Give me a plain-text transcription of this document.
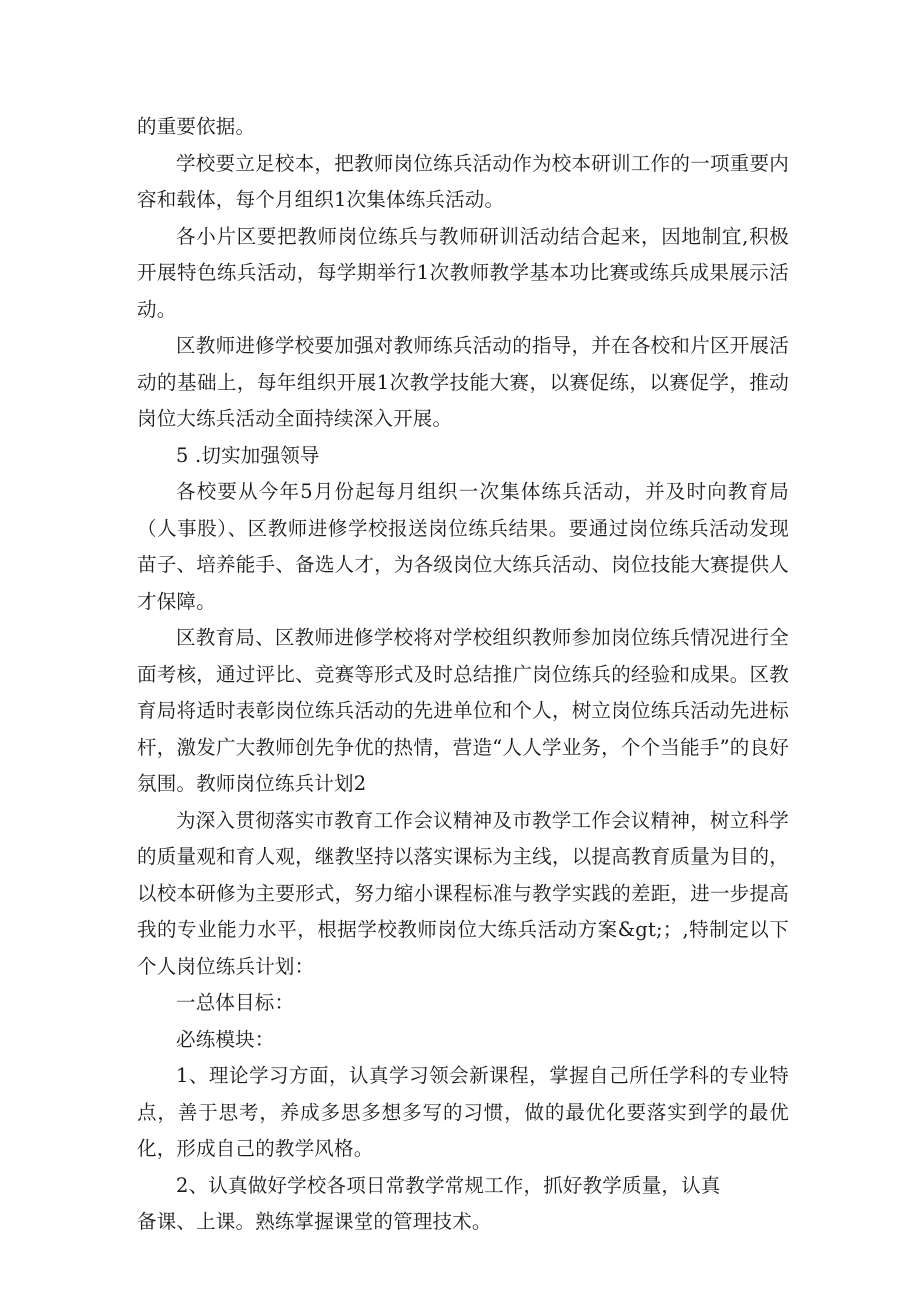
的重要依据。

学校要立足校本，把教师岗位练兵活动作为校本研训工作的一项重要内容和载体，每个月组织1次集体练兵活动。

各小片区要把教师岗位练兵与教师研训活动结合起来，因地制宜,积极开展特色练兵活动，每学期举行1次教师教学基本功比赛或练兵成果展示活动。

区教师进修学校要加强对教师练兵活动的指导，并在各校和片区开展活动的基础上，每年组织开展1次教学技能大赛，以赛促练，以赛促学，推动岗位大练兵活动全面持续深入开展。

5 .切实加强领导

各校要从今年5月份起每月组织一次集体练兵活动，并及时向教育局（人事股）、区教师进修学校报送岗位练兵结果。要通过岗位练兵活动发现苗子、培养能手、备选人才，为各级岗位大练兵活动、岗位技能大赛提供人才保障。

区教育局、区教师进修学校将对学校组织教师参加岗位练兵情况进行全面考核，通过评比、竞赛等形式及时总结推广岗位练兵的经验和成果。区教育局将适时表彰岗位练兵活动的先进单位和个人，树立岗位练兵活动先进标杆，激发广大教师创先争优的热情，营造“人人学业务，个个当能手”的良好氛围。教师岗位练兵计划2

为深入贯彻落实市教育工作会议精神及市教学工作会议精神，树立科学的质量观和育人观，继教坚持以落实课标为主线，以提高教育质量为目的，以校本研修为主要形式，努力缩小课程标准与教学实践的差距，进一步提高我的专业能力水平，根据学校教师岗位大练兵活动方案&gt;；,特制定以下个人岗位练兵计划：

一总体目标：

必练模块：

1、理论学习方面，认真学习领会新课程，掌握自己所任学科的专业特点，善于思考，养成多思多想多写的习惯，做的最优化要落实到学的最优化，形成自己的教学风格。

2、认真做好学校各项日常教学常规工作，抓好教学质量，认真

备课、上课。熟练掌握课堂的管理技术。
